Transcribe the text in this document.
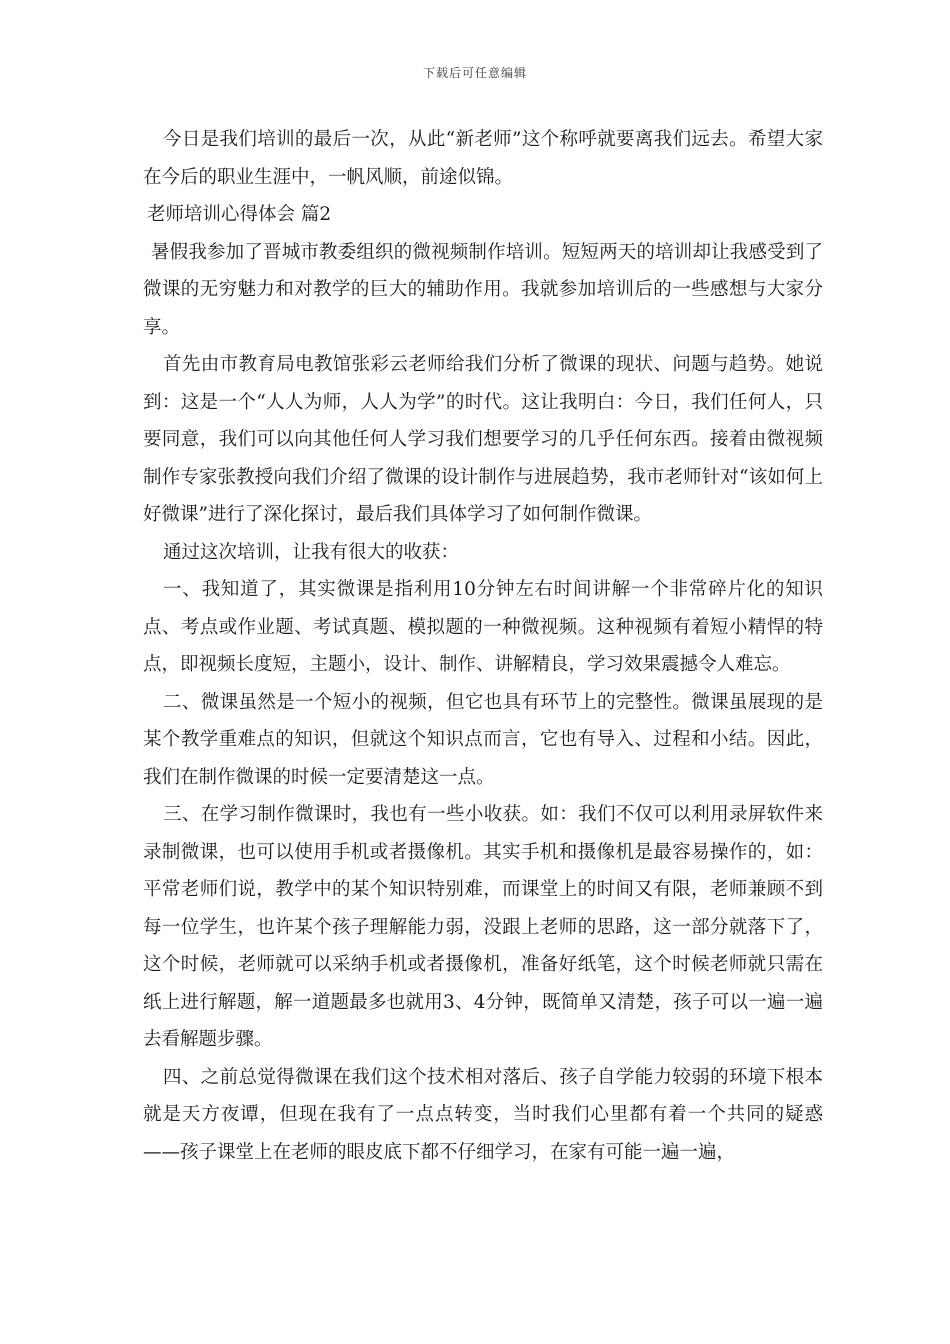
下载后可任意编辑

今日是我们培训的最后一次，从此“新老师”这个称呼就要离我们远去。希望大家在今后的职业生涯中，一帆风顺，前途似锦。

老师培训心得体会 篇2

暑假我参加了晋城市教委组织的微视频制作培训。短短两天的培训却让我感受到了微课的无穷魅力和对教学的巨大的辅助作用。我就参加培训后的一些感想与大家分享。

首先由市教育局电教馆张彩云老师给我们分析了微课的现状、问题与趋势。她说到：这是一个“人人为师，人人为学”的时代。这让我明白：今日，我们任何人，只要同意，我们可以向其他任何人学习我们想要学习的几乎任何东西。接着由微视频制作专家张教授向我们介绍了微课的设计制作与进展趋势，我市老师针对“该如何上好微课”进行了深化探讨，最后我们具体学习了如何制作微课。

通过这次培训，让我有很大的收获：

一、我知道了，其实微课是指利用10分钟左右时间讲解一个非常碎片化的知识点、考点或作业题、考试真题、模拟题的一种微视频。这种视频有着短小精悍的特点，即视频长度短，主题小，设计、制作、讲解精良，学习效果震撼令人难忘。

二、微课虽然是一个短小的视频，但它也具有环节上的完整性。微课虽展现的是某个教学重难点的知识，但就这个知识点而言，它也有导入、过程和小结。因此，我们在制作微课的时候一定要清楚这一点。

三、在学习制作微课时，我也有一些小收获。如：我们不仅可以利用录屏软件来录制微课，也可以使用手机或者摄像机。其实手机和摄像机是最容易操作的，如：平常老师们说，教学中的某个知识特别难，而课堂上的时间又有限，老师兼顾不到每一位学生，也许某个孩子理解能力弱，没跟上老师的思路，这一部分就落下了，这个时候，老师就可以采纳手机或者摄像机，准备好纸笔，这个时候老师就只需在纸上进行解题，解一道题最多也就用3、4分钟，既简单又清楚，孩子可以一遍一遍去看解题步骤。

四、之前总觉得微课在我们这个技术相对落后、孩子自学能力较弱的环境下根本就是天方夜谭，但现在我有了一点点转变，当时我们心里都有着一个共同的疑惑——孩子课堂上在老师的眼皮底下都不仔细学习，在家有可能一遍一遍，
